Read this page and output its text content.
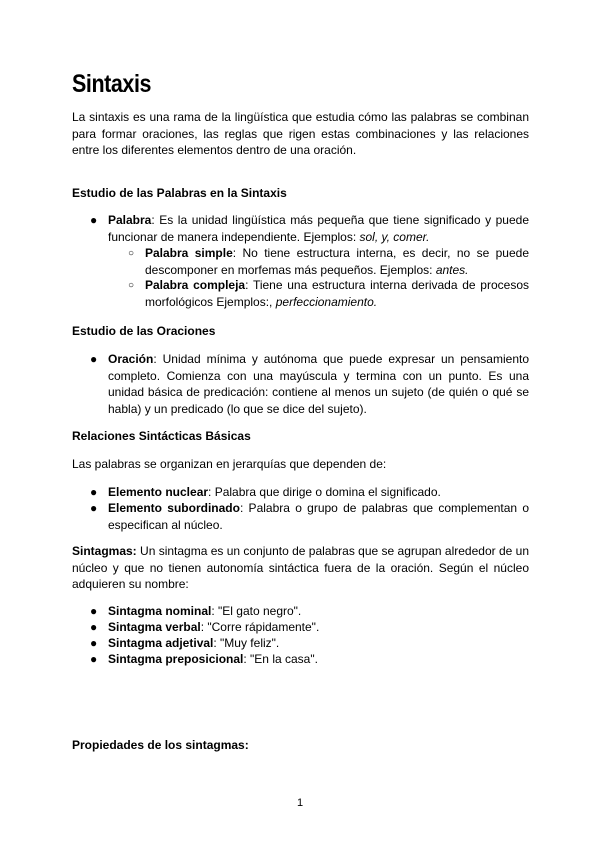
Sintaxis
La sintaxis es una rama de la lingüística que estudia cómo las palabras se combinan para formar oraciones, las reglas que rigen estas combinaciones y las relaciones entre los diferentes elementos dentro de una oración.
Estudio de las Palabras en la Sintaxis
● Palabra: Es la unidad lingüística más pequeña que tiene significado y puede funcionar de manera independiente. Ejemplos: sol, y, comer.
○ Palabra simple: No tiene estructura interna, es decir, no se puede descomponer en morfemas más pequeños. Ejemplos: antes.
○ Palabra compleja: Tiene una estructura interna derivada de procesos morfológicos Ejemplos:, perfeccionamiento.
Estudio de las Oraciones
● Oración: Unidad mínima y autónoma que puede expresar un pensamiento completo. Comienza con una mayúscula y termina con un punto. Es una unidad básica de predicación: contiene al menos un sujeto (de quién o qué se habla) y un predicado (lo que se dice del sujeto).
Relaciones Sintácticas Básicas
Las palabras se organizan en jerarquías que dependen de:
● Elemento nuclear: Palabra que dirige o domina el significado.
● Elemento subordinado: Palabra o grupo de palabras que complementan o especifican al núcleo.
Sintagmas: Un sintagma es un conjunto de palabras que se agrupan alrededor de un núcleo y que no tienen autonomía sintáctica fuera de la oración. Según el núcleo adquieren su nombre:
● Sintagma nominal: "El gato negro".
● Sintagma verbal: "Corre rápidamente".
● Sintagma adjetival: "Muy feliz".
● Sintagma preposicional: "En la casa".
Propiedades de los sintagmas:
1
